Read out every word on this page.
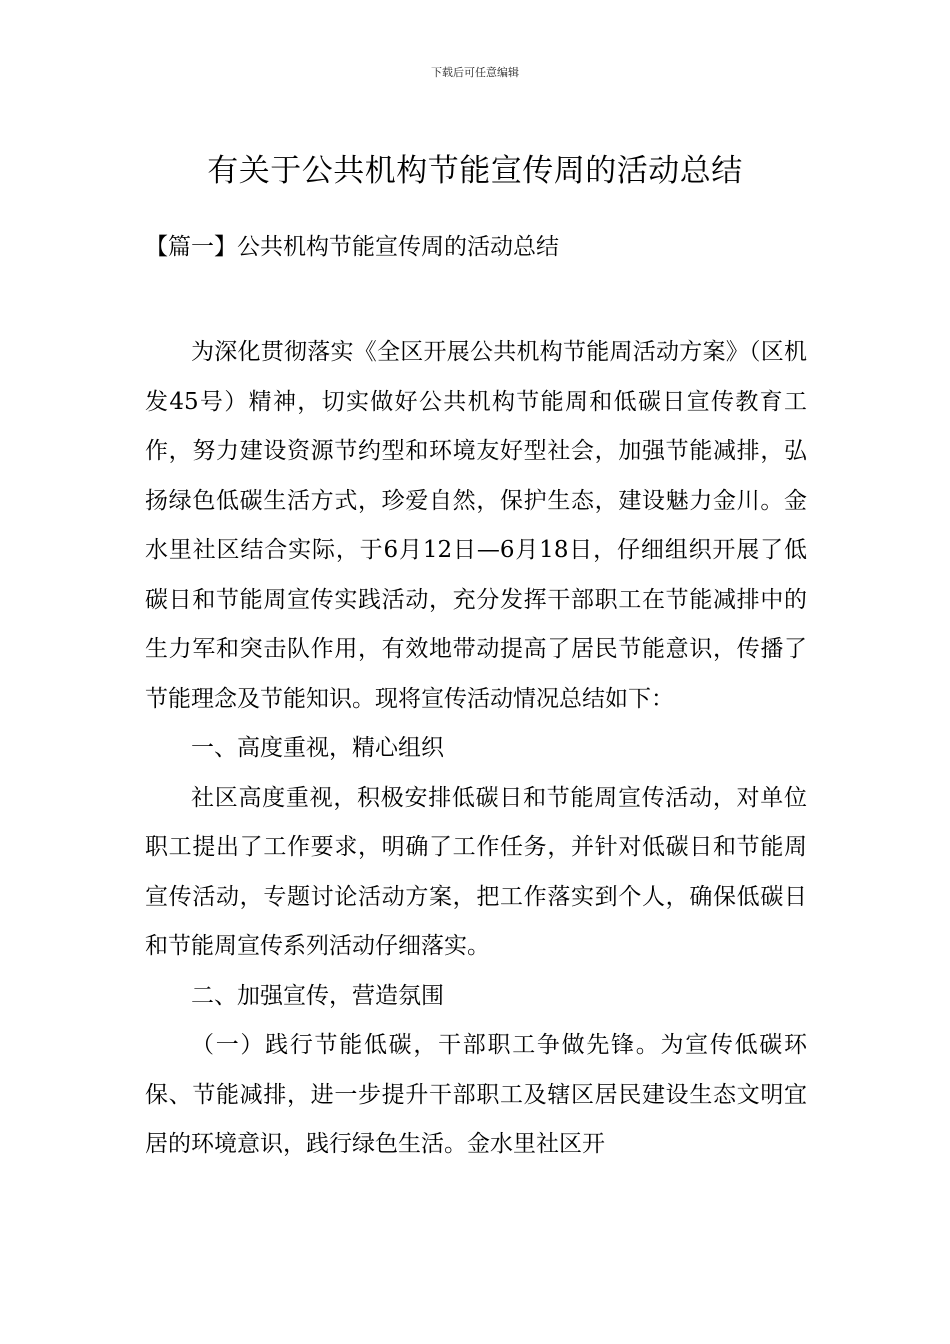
下载后可任意编辑
有关于公共机构节能宣传周的活动总结
【篇一】公共机构节能宣传周的活动总结

为深化贯彻落实《全区开展公共机构节能周活动方案》（区机发45号）精神，切实做好公共机构节能周和低碳日宣传教育工作，努力建设资源节约型和环境友好型社会，加强节能减排，弘扬绿色低碳生活方式，珍爱自然，保护生态，建设魅力金川。金水里社区结合实际，于6月12日—6月18日，仔细组织开展了低碳日和节能周宣传实践活动，充分发挥干部职工在节能减排中的生力军和突击队作用，有效地带动提高了居民节能意识，传播了节能理念及节能知识。现将宣传活动情况总结如下：

一、高度重视，精心组织

社区高度重视，积极安排低碳日和节能周宣传活动，对单位职工提出了工作要求，明确了工作任务，并针对低碳日和节能周宣传活动，专题讨论活动方案，把工作落实到个人，确保低碳日和节能周宣传系列活动仔细落实。

二、加强宣传，营造氛围

（一）践行节能低碳，干部职工争做先锋。为宣传低碳环保、节能减排，进一步提升干部职工及辖区居民建设生态文明宜居的环境意识，践行绿色生活。金水里社区开
